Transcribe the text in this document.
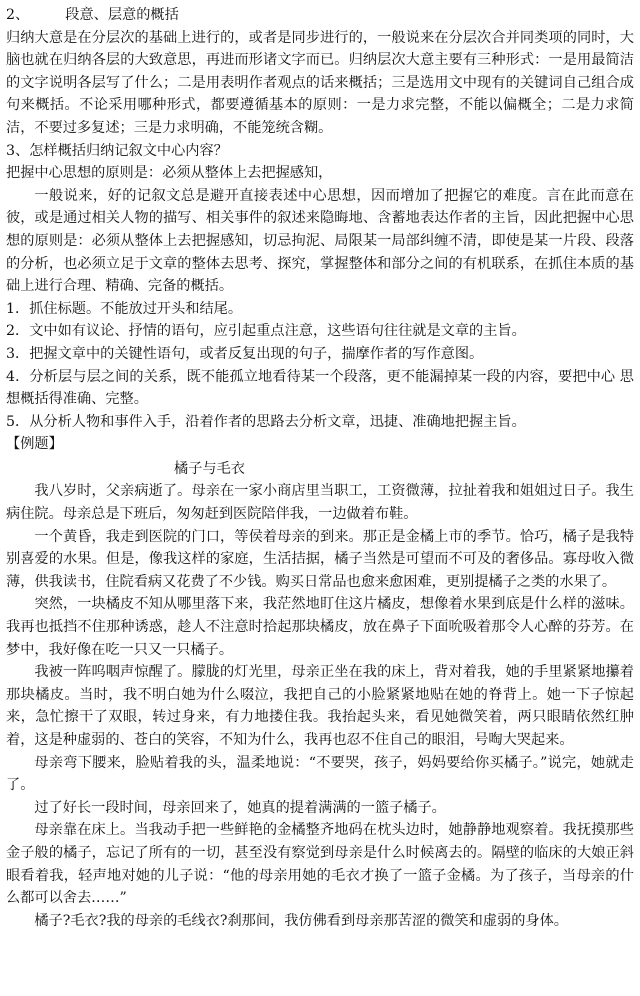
2、        段意、层意的概括
归纳大意是在分层次的基础上进行的，或者是同步进行的，一般说来在分层次合并同类项的同时，大脑也就在归纳各层的大致意思，再进而形诸文字而已。归纳层次大意主要有三种形式：一是用最简洁的文字说明各层写了什么；二是用表明作者观点的话来概括；三是选用文中现有的关键词自己组合成句来概括。不论采用哪种形式，都要遵循基本的原则：一是力求完整，不能以偏概全；二是力求简洁，不要过多复述；三是力求明确，不能笼统含糊。
3、怎样概括归纳记叙文中心内容？
把握中心思想的原则是：必须从整体上去把握感知，
一般说来，好的记叙文总是避开直接表述中心思想，因而增加了把握它的难度。言在此而意在彼，或是通过相关人物的描写、相关事件的叙述来隐晦地、含蓄地表达作者的主旨，因此把握中心思想的原则是：必须从整体上去把握感知，切忌拘泥、局限某一局部纠缠不清，即使是某一片段、段落的分析，也必须立足于文章的整体去思考、探究，掌握整体和部分之间的有机联系，在抓住本质的基础上进行合理、精确、完备的概括。
1．抓住标题。不能放过开头和结尾。
2．文中如有议论、抒情的语句，应引起重点注意，这些语句往往就是文章的主旨。
3．把握文章中的关键性语句，或者反复出现的句子，揣摩作者的写作意图。
4．分析层与层之间的关系，既不能孤立地看待某一个段落，更不能漏掉某一段的内容，要把中心 思 想概括得准确、完整。
5．从分析人物和事件入手，沿着作者的思路去分析文章，迅捷、准确地把握主旨。
【例题】
橘子与毛衣
我八岁时，父亲病逝了。母亲在一家小商店里当职工，工资微薄，拉扯着我和姐姐过日子。我生病住院。母亲总是下班后，匆匆赶到医院陪伴我，一边做着布鞋。
一个黄昏，我走到医院的门口，等侯着母亲的到来。那正是金橘上市的季节。恰巧，橘子是我特别喜爱的水果。但是，像我这样的家庭，生活拮据，橘子当然是可望而不可及的奢侈品。寡母收入微薄，供我读书，住院看病又花费了不少钱。购买日常品也愈来愈困难，更别提橘子之类的水果了。
突然，一块橘皮不知从哪里落下来，我茫然地盯住这片橘皮，想像着水果到底是什么样的滋味。我再也抵挡不住那种诱惑，趁人不注意时拾起那块橘皮，放在鼻子下面吮吸着那令人心醉的芬芳。在梦中，我好像在吃一只又一只橘子。
我被一阵呜咽声惊醒了。朦胧的灯光里，母亲正坐在我的床上，背对着我，她的手里紧紧地攥着那块橘皮。当时，我不明白她为什么啜泣，我把自己的小脸紧紧地贴在她的脊背上。她一下子惊起来，急忙擦干了双眼，转过身来，有力地搂住我。我抬起头来，看见她微笑着，两只眼睛依然红肿着，这是种虚弱的、苍白的笑容，不知为什么，我再也忍不住自己的眼泪，号啕大哭起来。
母亲弯下腰来，脸贴着我的头，温柔地说：“不要哭，孩子，妈妈要给你买橘子。”说完，她就走了。
过了好长一段时间，母亲回来了，她真的提着满满的一篮子橘子。
母亲靠在床上。当我动手把一些鲜艳的金橘整齐地码在枕头边时，她静静地观察着。我抚摸那些金子般的橘子，忘记了所有的一切，甚至没有察觉到母亲是什么时候离去的。隔壁的临床的大娘正斜眼看着我，轻声地对她的儿子说：“他的母亲用她的毛衣才换了一篮子金橘。为了孩子，当母亲的什么都可以舍去……”
橘子?毛衣?我的母亲的毛线衣?刹那间，我仿佛看到母亲那苦涩的微笑和虚弱的身体。
